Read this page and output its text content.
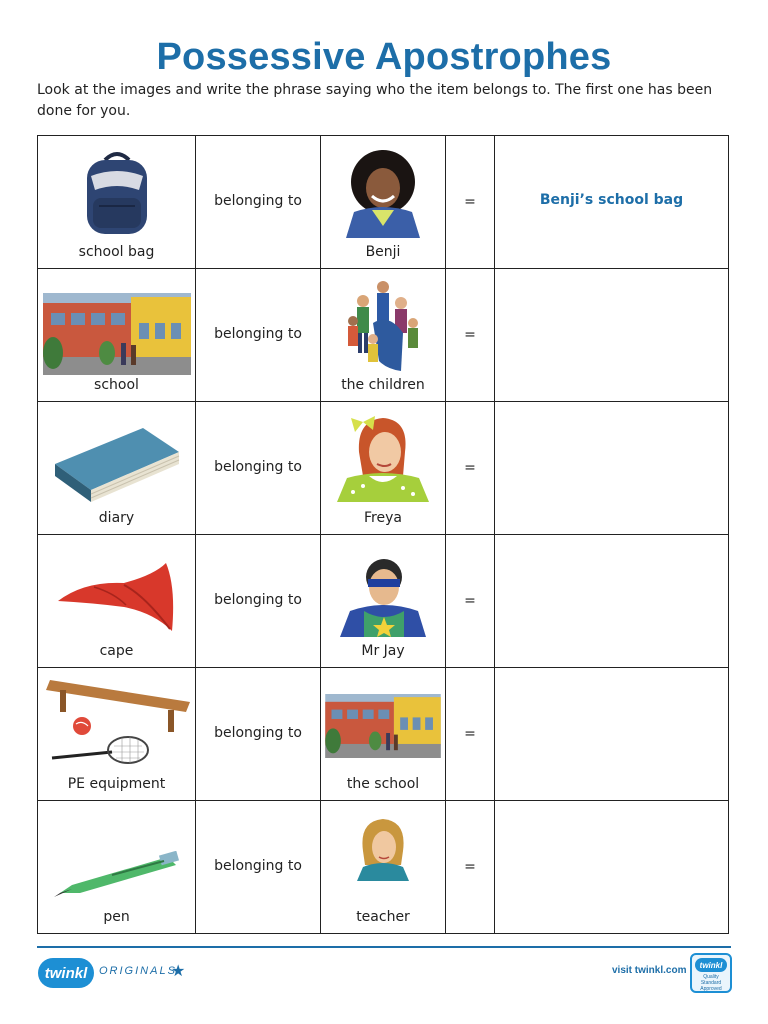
Possessive Apostrophes
Look at the images and write the phrase saying who the item belongs to. The first one has been done for you.
school bag	belonging to	Benji	=	Benji’s school bag

school	belonging to	the children	=	

diary	belonging to	Freya	=	

cape	belonging to	Mr Jay	=	

PE equipment	belonging to	the school	=	

pen	belonging to	teacher	=	

twinkl	ORIGINALS
★	visit twinkl.com	twinkl
Quality Standard Approved
